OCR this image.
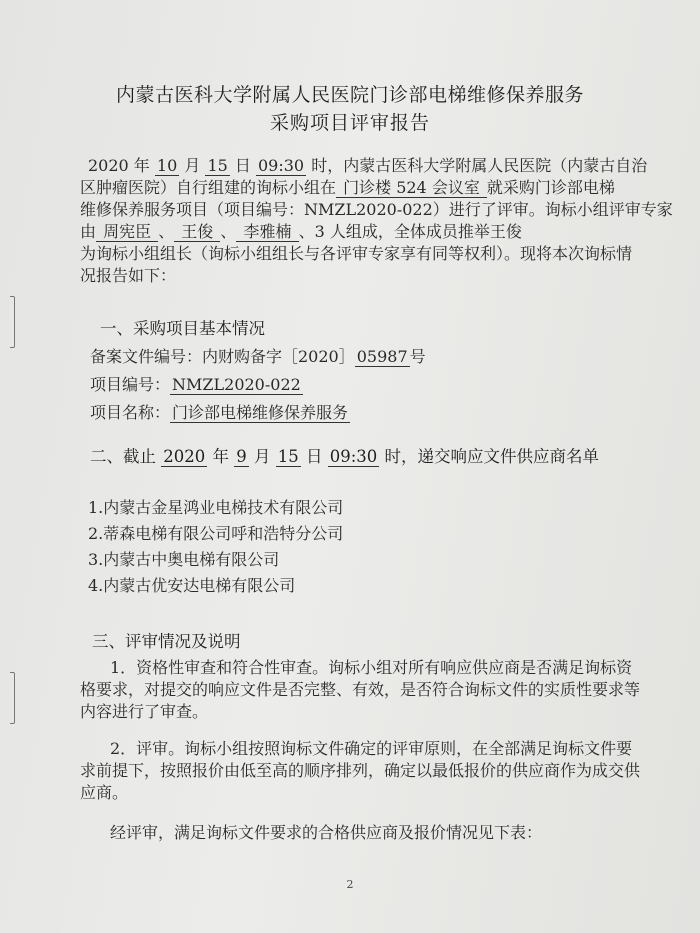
内蒙古医科大学附属人民医院门诊部电梯维修保养服务
采购项目评审报告
2020 年 10 月 15 日 09:30 时，内蒙古医科大学附属人民医院（内蒙古自治
区肿瘤医院）自行组建的询标小组在 门诊楼 524 会议室 就采购门诊部电梯
维修保养服务项目（项目编号：NMZL2020-022）进行了评审。询标小组评审专家
由 周宪臣 、 王俊 、 李雅楠 、3 人组成，全体成员推举王俊
为询标小组组长（询标小组组长与各评审专家享有同等权利）。现将本次询标情
况报告如下：
一、采购项目基本情况
备案文件编号：内财购备字［2020］ 05987 号
项目编号： NMZL2020-022
项目名称： 门诊部电梯维修保养服务
二、截止 2020 年 9 月 15 日 09:30 时，递交响应文件供应商名单
1.内蒙古金星鸿业电梯技术有限公司
2.蒂森电梯有限公司呼和浩特分公司
3.内蒙古中奥电梯有限公司
4.内蒙古优安达电梯有限公司
三、评审情况及说明
1．资格性审查和符合性审查。询标小组对所有响应供应商是否满足询标资
格要求，对提交的响应文件是否完整、有效，是否符合询标文件的实质性要求等
内容进行了审查。
2．评审。询标小组按照询标文件确定的评审原则，在全部满足询标文件要
求前提下，按照报价由低至高的顺序排列，确定以最低报价的供应商作为成交供
应商。
经评审，满足询标文件要求的合格供应商及报价情况见下表：
2
